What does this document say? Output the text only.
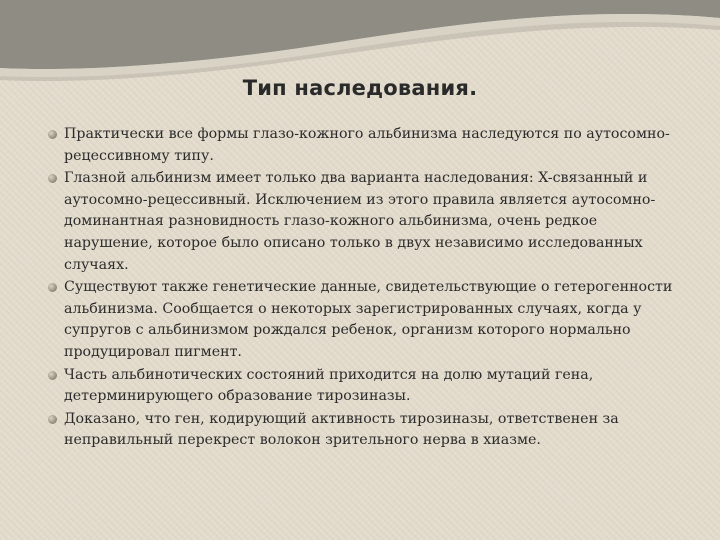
Тип наследования.
Практически все формы глазо-кожного альбинизма наследуются по аутосомно-рецессивному типу.
Глазной альбинизм имеет только два варианта наследования: X-связанный и аутосомно-рецессивный. Исключением из этого правила является аутосомно-доминантная разновидность глазо-кожного альбинизма, очень редкое нарушение, которое было описано только в двух независимо исследованных случаях.
Существуют также генетические данные, свидетельствующие о гетерогенности альбинизма. Сообщается о некоторых зарегистрированных случаях, когда у супругов с альбинизмом рождался ребенок, организм которого нормально продуцировал пигмент.
Часть альбинотических состояний приходится на долю мутаций гена, детерминирующего образование тирозиназы.
Доказано, что ген, кодирующий активность тирозиназы, ответственен за неправильный перекрест волокон зрительного нерва в хиазме.
